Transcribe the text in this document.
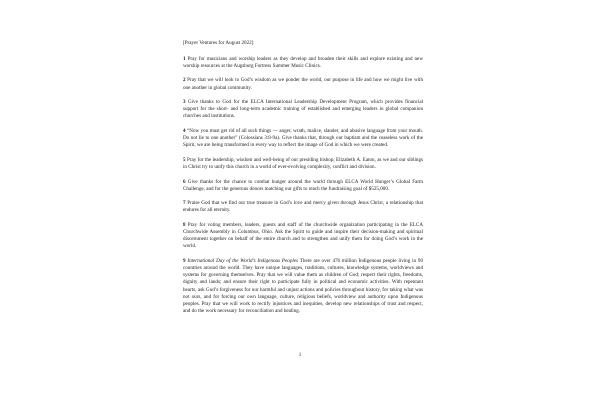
[Prayer Ventures for August 2022]

1 Pray for musicians and worship leaders as they develop and broaden their skills and explore existing and new worship resources at the Augsburg Fortress Summer Music Clinics.

2 Pray that we will look to God’s wisdom as we ponder the world, our purpose in life and how we might live with one another in global community.

3 Give thanks to God for the ELCA International Leadership Development Program, which provides financial support for the short- and long-term academic training of established and emerging leaders in global companion churches and institutions.

4 “Now you must get rid of all such things — anger, wrath, malice, slander, and abusive language from your mouth. Do not lie to one another” (Colossians 3:8-9a). Give thanks that, through our baptism and the ceaseless work of the Spirit, we are being transformed in every way to reflect the image of God in which we were created.

5 Pray for the leadership, wisdom and well-being of our presiding bishop, Elizabeth A. Eaton, as we and our siblings in Christ try to unify this church in a world of ever-evolving complexity, conflict and division.

6 Give thanks for the chance to combat hunger around the world through ELCA World Hunger’s Global Farm Challenge, and for the generous donors matching our gifts to reach the fundraising goal of $525,000.

7 Praise God that we find our true treasure in God’s love and mercy given through Jesus Christ, a relationship that endures for all eternity.

8 Pray for voting members, leaders, guests and staff of the churchwide organization participating in the ELCA Churchwide Assembly in Columbus, Ohio. Ask the Spirit to guide and inspire their decision-making and spiritual discernment together on behalf of the entire church and to strengthen and unify them for doing God’s work in the world.

9 International Day of the World’s Indigenous Peoples There are over 476 million Indigenous people living in 90 countries around the world. They have unique languages, traditions, cultures, knowledge systems, worldviews and systems for governing themselves. Pray that we will value them as children of God; respect their rights, freedoms, dignity and lands; and ensure their right to participate fully in political and economic activities. With repentant hearts, ask God’s forgiveness for our harmful and unjust actions and policies throughout history, for taking what was not ours, and for forcing our own language, culture, religious beliefs, worldview and authority upon Indigenous peoples. Pray that we will work to rectify injustices and inequities, develop new relationships of trust and respect, and do the work necessary for reconciliation and healing.

1
